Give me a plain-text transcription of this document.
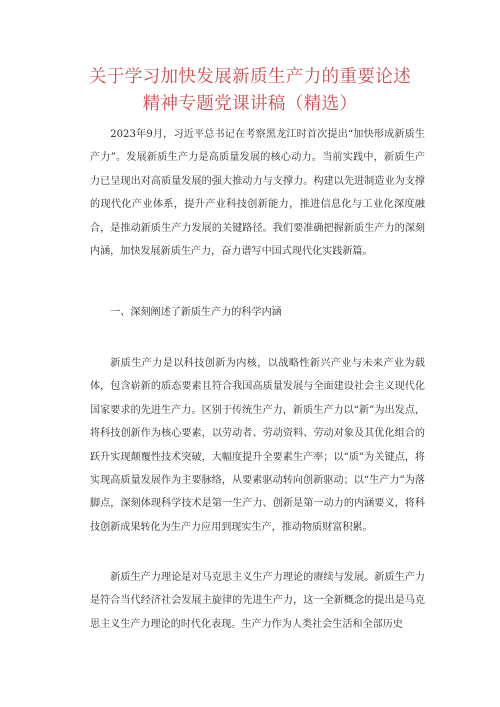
关于学习加快发展新质生产力的重要论述
精神专题党课讲稿（精选）

2023年9月，习近平总书记在考察黑龙江时首次提出“加快形成新质生产力”。发展新质生产力是高质量发展的核心动力。当前实践中，新质生产力已呈现出对高质量发展的强大推动力与支撑力。构建以先进制造业为支撑的现代化产业体系，提升产业科技创新能力，推进信息化与工业化深度融合，是推动新质生产力发展的关键路径。我们要准确把握新质生产力的深刻内涵，加快发展新质生产力，奋力谱写中国式现代化实践新篇。

一、深刻阐述了新质生产力的科学内涵

新质生产力是以科技创新为内核，以战略性新兴产业与未来产业为载体，包含崭新的质态要素且符合我国高质量发展与全面建设社会主义现代化国家要求的先进生产力。区别于传统生产力，新质生产力以“新”为出发点，将科技创新作为核心要素，以劳动者、劳动资料、劳动对象及其优化组合的跃升实现颠覆性技术突破，大幅度提升全要素生产率；以“质”为关键点，将实现高质量发展作为主要脉络，从要素驱动转向创新驱动；以“生产力”为落脚点，深刻体现科学技术是第一生产力、创新是第一动力的内涵要义，将科技创新成果转化为生产力应用到现实生产，推动物质财富积累。

新质生产力理论是对马克思主义生产力理论的赓续与发展。新质生产力是符合当代经济社会发展主旋律的先进生产力，这一全新概念的提出是马克思主义生产力理论的时代化表现。生产力作为人类社会生活和全部历史
